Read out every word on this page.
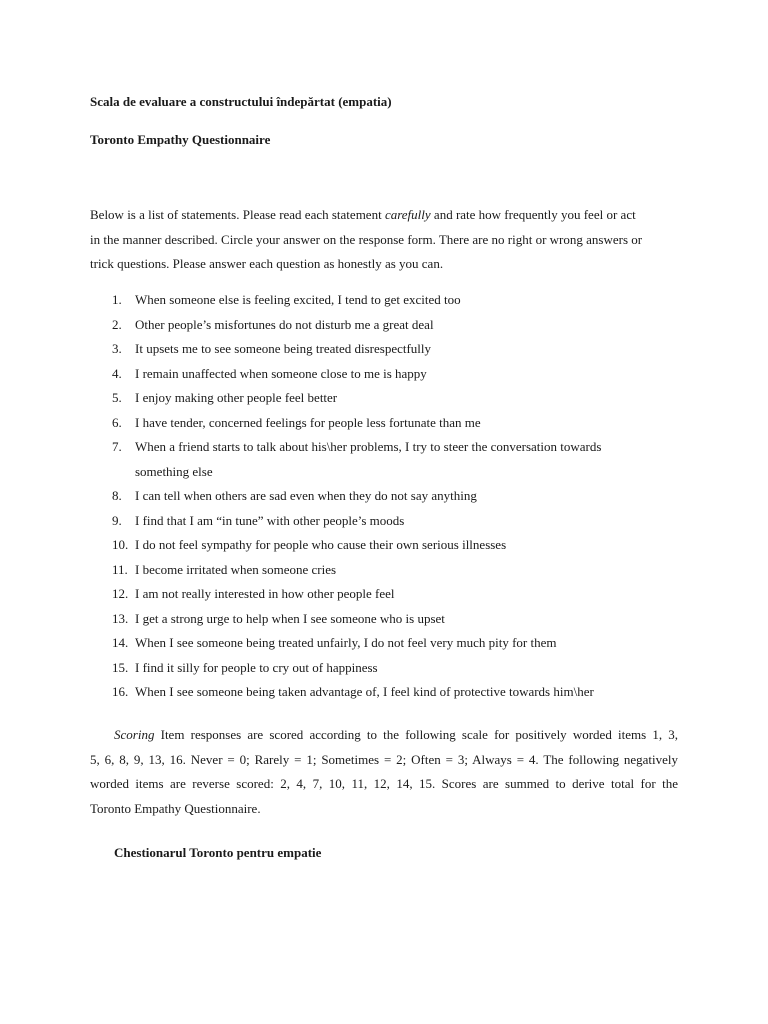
Scala de evaluare a constructului îndepărtat (empatia)
Toronto Empathy Questionnaire
Below is a list of statements. Please read each statement carefully and rate how frequently you feel or act
in the manner described. Circle your answer on the response form. There are no right or wrong answers or
trick questions. Please answer each question as honestly as you can.
1.	When someone else is feeling excited, I tend to get excited too
2.	Other people’s misfortunes do not disturb me a great deal
3.	It upsets me to see someone being treated disrespectfully
4.	I remain unaffected when someone close to me is happy
5.	I enjoy making other people feel better
6.	I have tender, concerned feelings for people less fortunate than me
7.	When a friend starts to talk about his\her problems, I try to steer the conversation towards something else
8.	I can tell when others are sad even when they do not say anything
9.	I find that I am “in tune” with other people’s moods
10. I do not feel sympathy for people who cause their own serious illnesses
11. I become irritated when someone cries
12. I am not really interested in how other people feel
13. I get a strong urge to help when I see someone who is upset
14. When I see someone being treated unfairly, I do not feel very much pity for them
15. I find it silly for people to cry out of happiness
16. When I see someone being taken advantage of, I feel kind of protective towards him\her
Scoring Item responses are scored according to the following scale for positively worded items 1, 3,
5, 6, 8, 9, 13, 16. Never = 0; Rarely = 1; Sometimes = 2; Often = 3; Always = 4. The following negatively
worded items are reverse scored: 2, 4, 7, 10, 11, 12, 14, 15. Scores are summed to derive total for the
Toronto Empathy Questionnaire.
Chestionarul Toronto pentru empatie
